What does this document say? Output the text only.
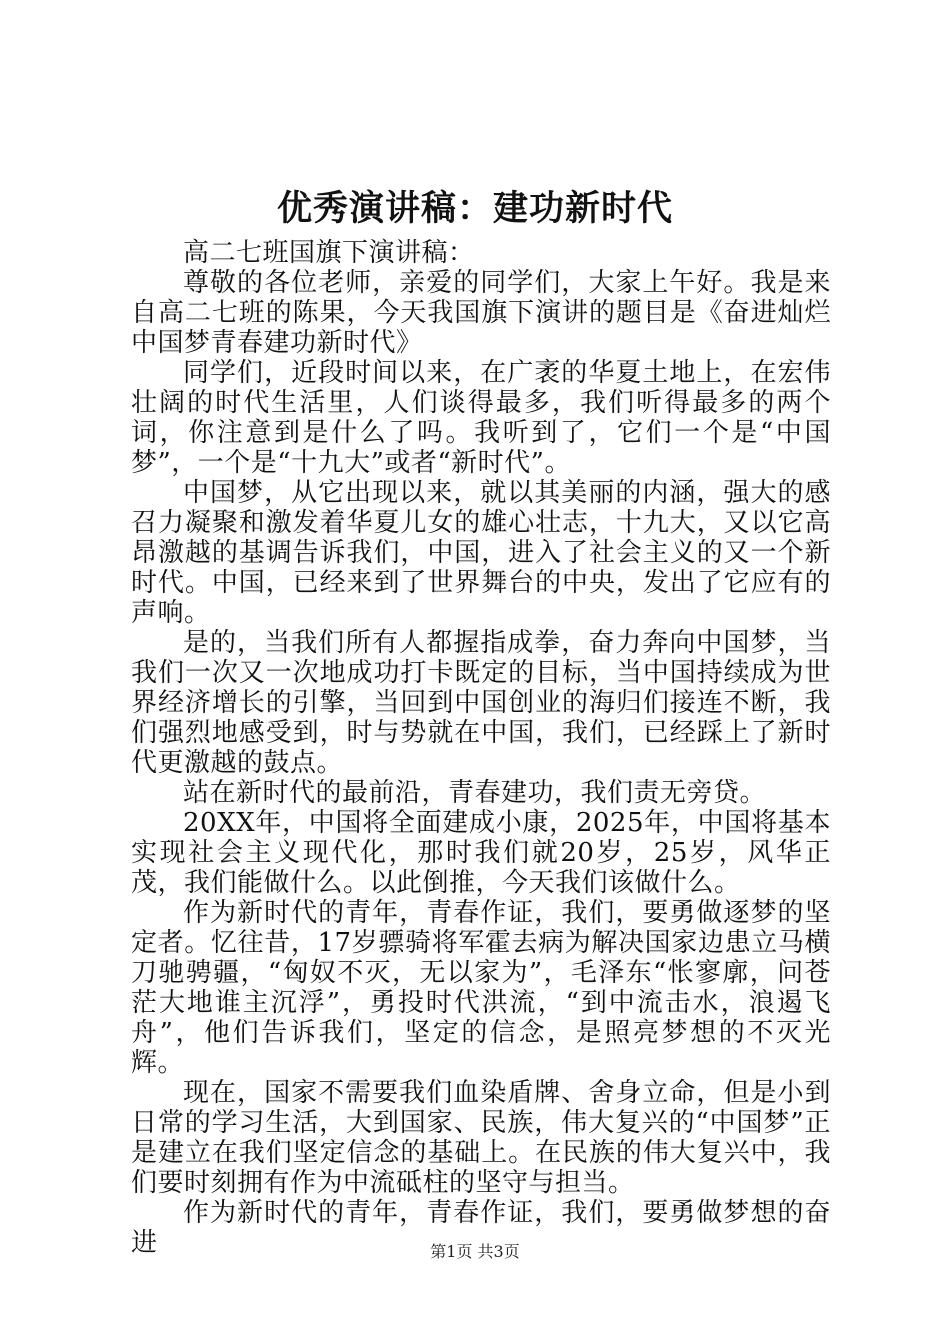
优秀演讲稿：建功新时代

高二七班国旗下演讲稿：

尊敬的各位老师，亲爱的同学们，大家上午好。我是来自高二七班的陈果，今天我国旗下演讲的题目是《奋进灿烂中国梦青春建功新时代》

同学们，近段时间以来，在广袤的华夏土地上，在宏伟壮阔的时代生活里，人们谈得最多，我们听得最多的两个词，你注意到是什么了吗。我听到了，它们一个是“中国梦”，一个是“十九大”或者“新时代”。

中国梦，从它出现以来，就以其美丽的内涵，强大的感召力凝聚和激发着华夏儿女的雄心壮志，十九大，又以它高昂激越的基调告诉我们，中国，进入了社会主义的又一个新时代。中国，已经来到了世界舞台的中央，发出了它应有的声响。

是的，当我们所有人都握指成拳，奋力奔向中国梦，当我们一次又一次地成功打卡既定的目标，当中国持续成为世界经济增长的引擎，当回到中国创业的海归们接连不断，我们强烈地感受到，时与势就在中国，我们，已经踩上了新时代更激越的鼓点。

站在新时代的最前沿，青春建功，我们责无旁贷。

20XX年，中国将全面建成小康，2025年，中国将基本实现社会主义现代化，那时我们就20岁，25岁，风华正茂，我们能做什么。以此倒推，今天我们该做什么。

作为新时代的青年，青春作证，我们，要勇做逐梦的坚定者。忆往昔，17岁骠骑将军霍去病为解决国家边患立马横刀驰骋疆，“匈奴不灭，无以家为”，毛泽东“怅寥廓，问苍茫大地谁主沉浮”，勇投时代洪流，“到中流击水，浪遏飞舟”，他们告诉我们，坚定的信念，是照亮梦想的不灭光辉。

现在，国家不需要我们血染盾牌、舍身立命，但是小到日常的学习生活，大到国家、民族，伟大复兴的“中国梦”正是建立在我们坚定信念的基础上。在民族的伟大复兴中，我们要时刻拥有作为中流砥柱的坚守与担当。

作为新时代的青年，青春作证，我们，要勇做梦想的奋进	第1页 共3页
